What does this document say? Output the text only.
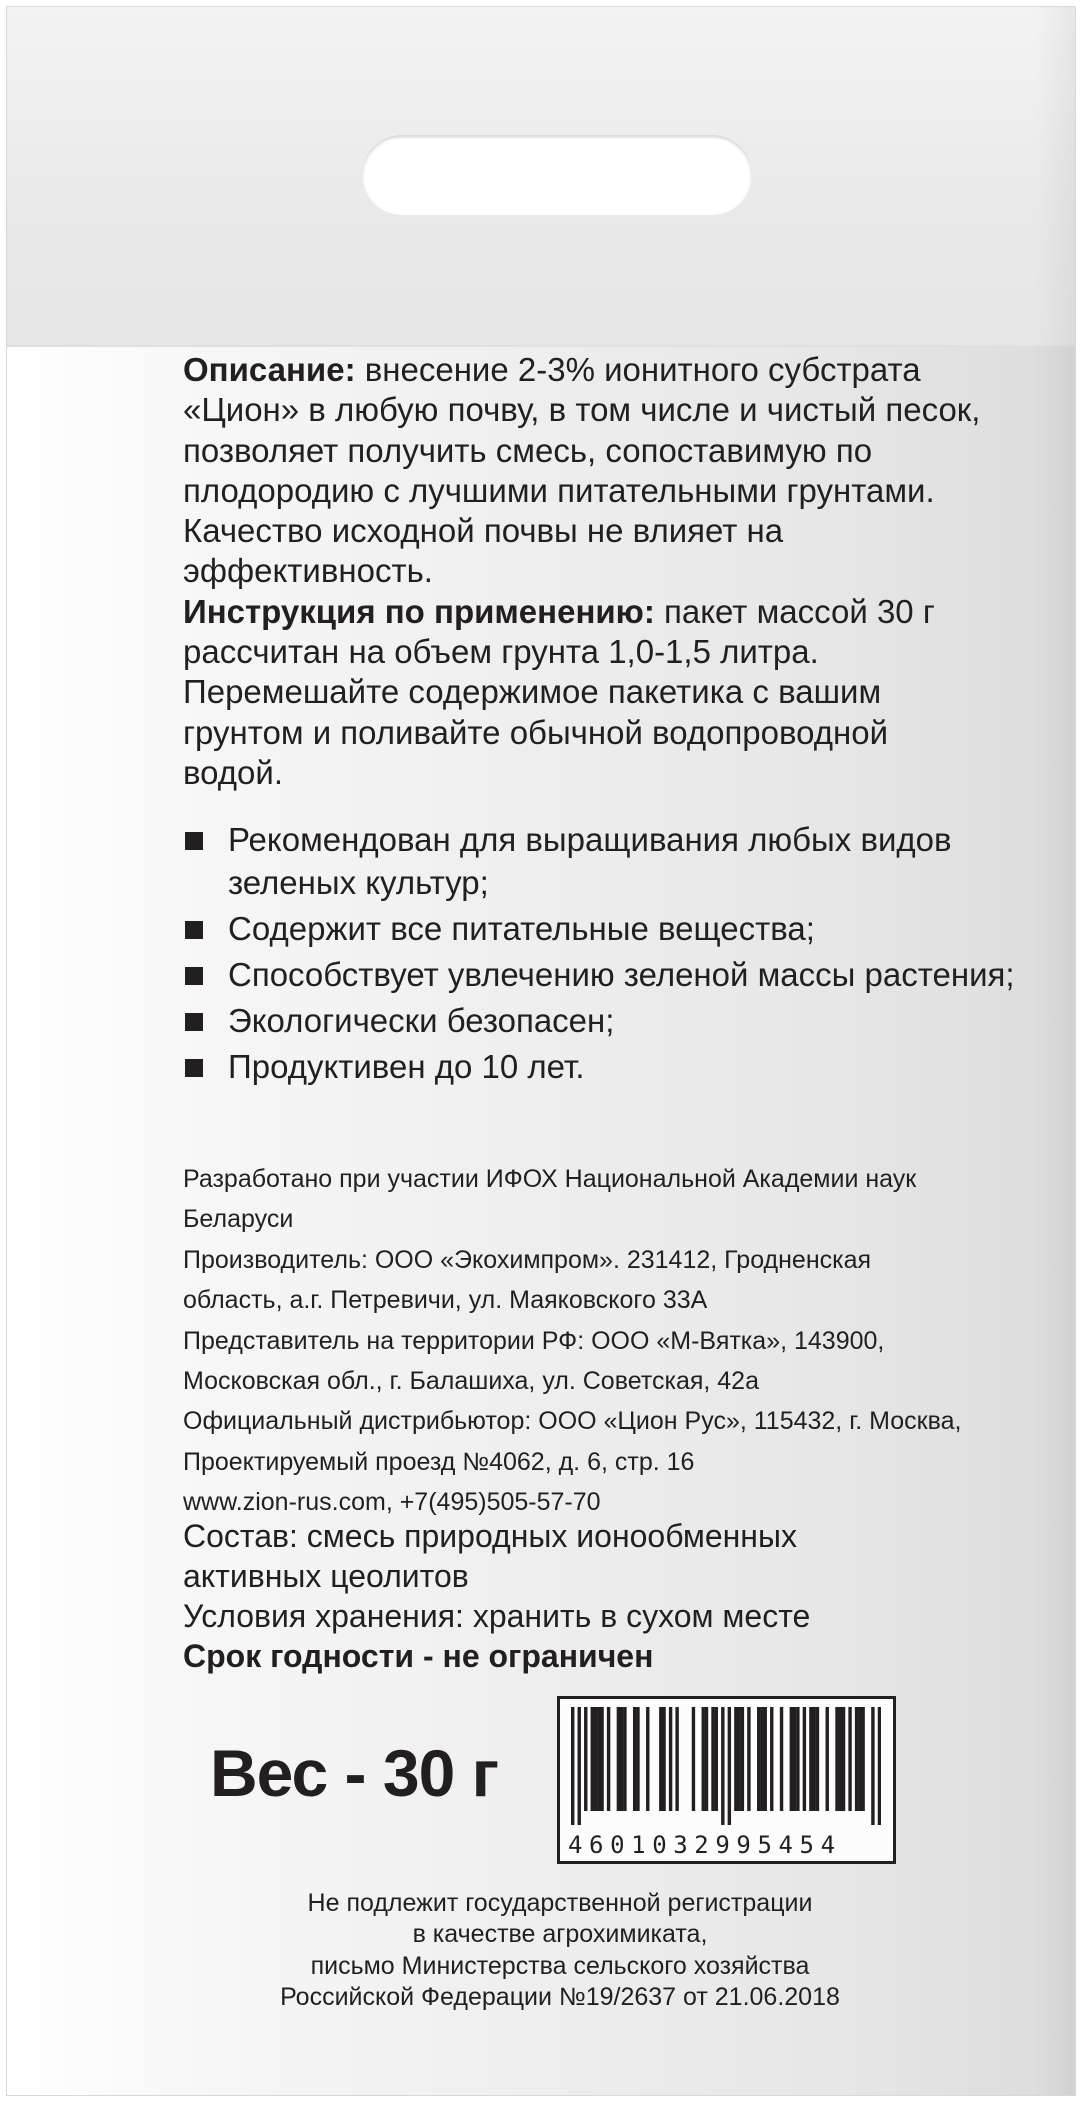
Описание: внесение 2-3% ионитного субстрата

«Цион» в любую почву, в том числе и чистый песок,

позволяет получить смесь, сопоставимую по

плодородию с лучшими питательными грунтами.

Качество исходной почвы не влияет на

эффективность.

Инструкция по применению: пакет массой 30 г

рассчитан на объем грунта 1,0-1,5 литра.

Перемешайте содержимое пакетика с вашим

грунтом и поливайте обычной водопроводной водой.

Рекомендован для выращивания любых видов зеленых культур;
Содержит все питательные вещества;
Способствует увлечению зеленой массы растения;
Экологически безопасен;
Продуктивен до 10 лет.
Разработано при участии ИФОХ Национальной Академии наук
Беларуси
Производитель: ООО «Экохимпром». 231412, Гродненская
область, а.г. Петревичи, ул. Маяковского 33А
Представитель на территории РФ: ООО «М-Вятка», 143900,
Московская обл., г. Балашиха, ул. Советская, 42а
Официальный дистрибьютор: ООО «Цион Рус», 115432, г. Москва,
Проектируемый проезд №4062, д. 6, стр. 16
www.zion-rus.com, +7(495)505-57-70
Состав: смесь природных ионообменных
активных цеолитов
Условия хранения: хранить в сухом месте
Срок годности - не ограничен
Вес - 30 г
4601032995454
Не подлежит государственной регистрации
в качестве агрохимиката,
письмо Министерства сельского хозяйства
Российской Федерации №19/2637 от 21.06.2018
